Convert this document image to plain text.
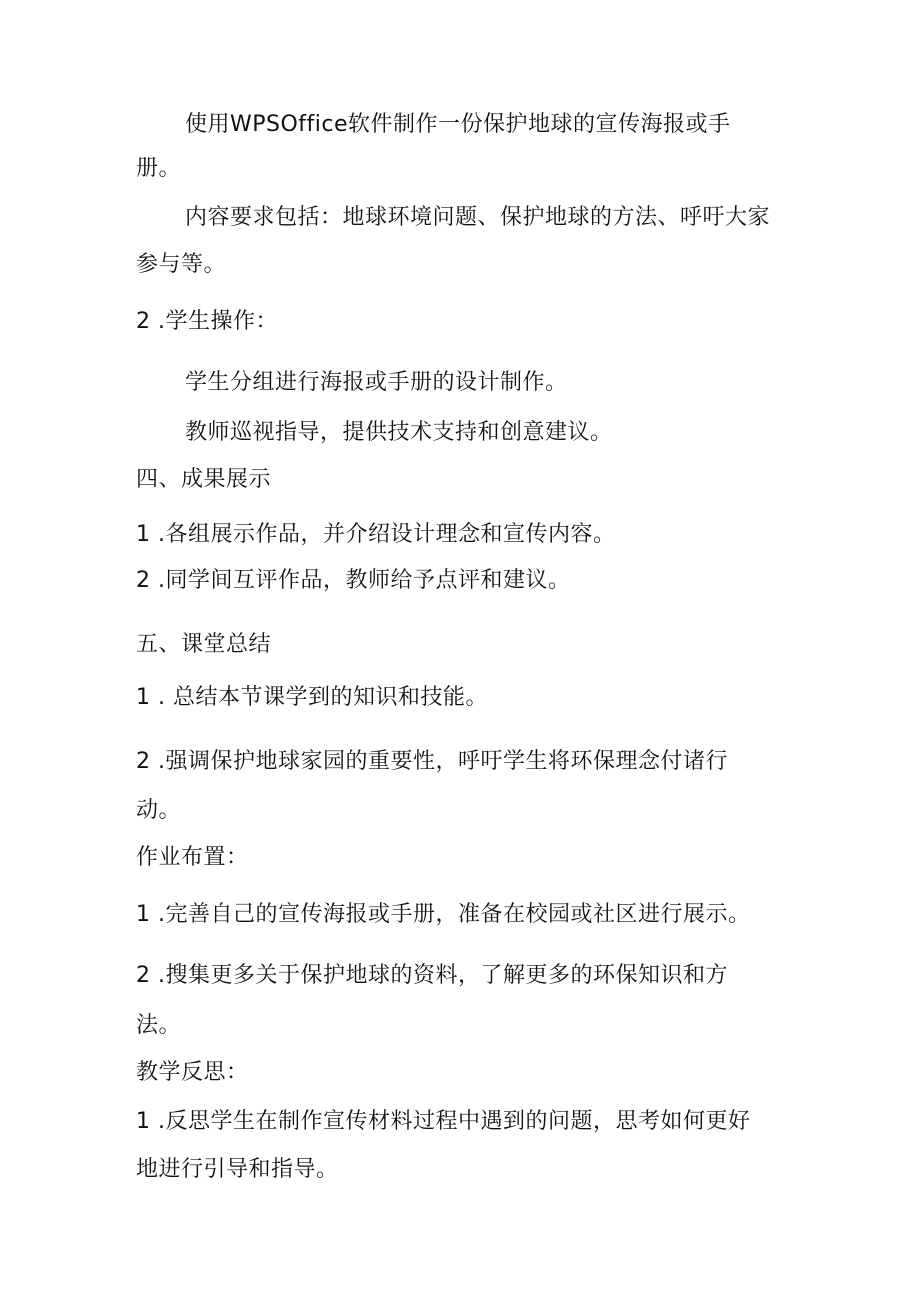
使用WPSOffice软件制作一份保护地球的宣传海报或手
册。
内容要求包括：地球环境问题、保护地球的方法、呼吁大家
参与等。
2 .学生操作：
学生分组进行海报或手册的设计制作。
教师巡视指导，提供技术支持和创意建议。
四、成果展示
1 .各组展示作品，并介绍设计理念和宣传内容。
2 .同学间互评作品，教师给予点评和建议。
五、课堂总结
1 . 总结本节课学到的知识和技能。
2 .强调保护地球家园的重要性，呼吁学生将环保理念付诸行
动。
作业布置：
1 .完善自己的宣传海报或手册，准备在校园或社区进行展示。
2 .搜集更多关于保护地球的资料，了解更多的环保知识和方
法。
教学反思：
1 .反思学生在制作宣传材料过程中遇到的问题，思考如何更好
地进行引导和指导。
